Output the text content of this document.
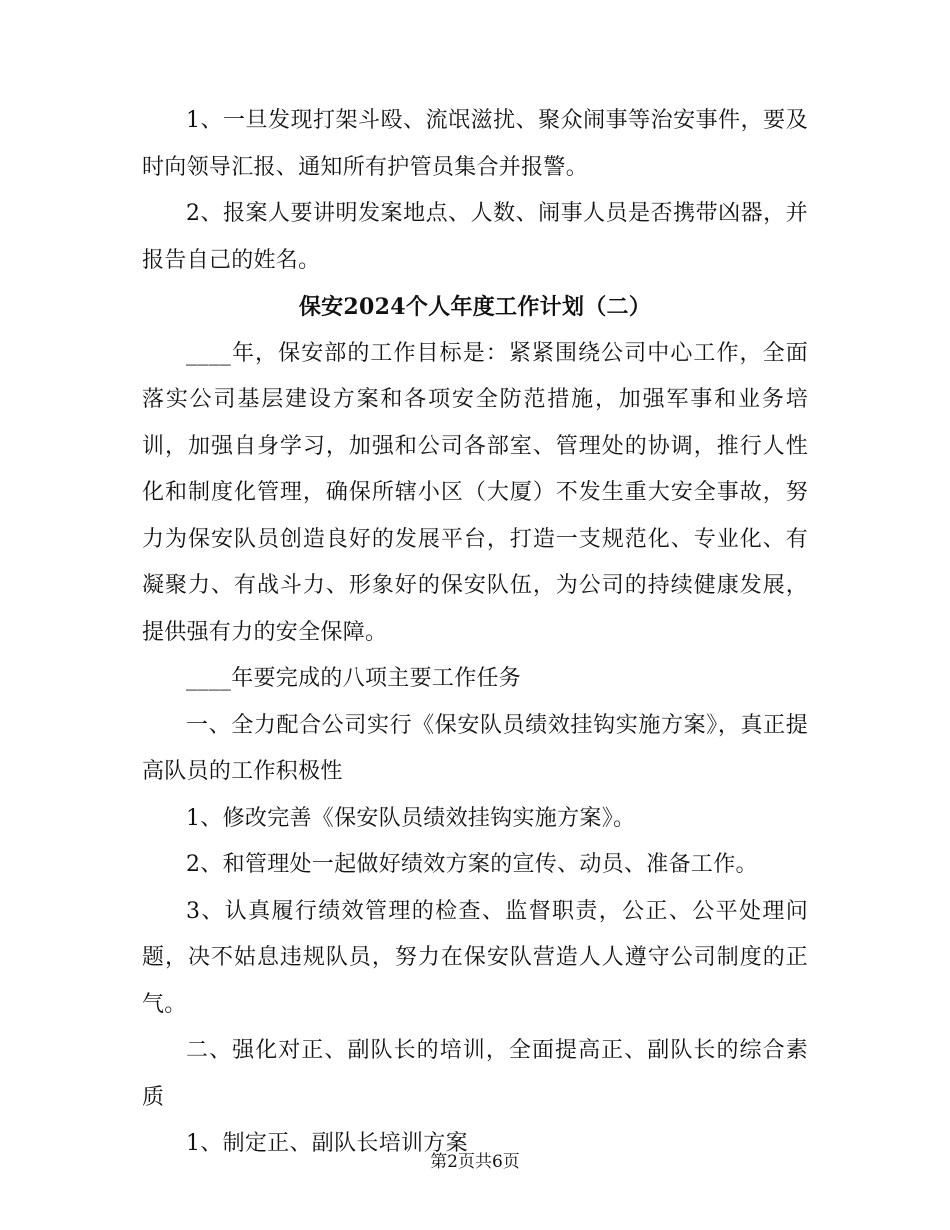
1、一旦发现打架斗殴、流氓滋扰、聚众闹事等治安事件，要及时向领导汇报、通知所有护管员集合并报警。

2、报案人要讲明发案地点、人数、闹事人员是否携带凶器，并报告自己的姓名。

保安2024个人年度工作计划（二）

____年，保安部的工作目标是：紧紧围绕公司中心工作，全面落实公司基层建设方案和各项安全防范措施，加强军事和业务培训，加强自身学习，加强和公司各部室、管理处的协调，推行人性化和制度化管理，确保所辖小区（大厦）不发生重大安全事故，努力为保安队员创造良好的发展平台，打造一支规范化、专业化、有凝聚力、有战斗力、形象好的保安队伍，为公司的持续健康发展，提供强有力的安全保障。

____年要完成的八项主要工作任务

一、全力配合公司实行《保安队员绩效挂钩实施方案》，真正提高队员的工作积极性

1、修改完善《保安队员绩效挂钩实施方案》。

2、和管理处一起做好绩效方案的宣传、动员、准备工作。

3、认真履行绩效管理的检查、监督职责，公正、公平处理问题，决不姑息违规队员，努力在保安队营造人人遵守公司制度的正气。

二、强化对正、副队长的培训，全面提高正、副队长的综合素质

1、制定正、副队长培训方案

第2页共6页
